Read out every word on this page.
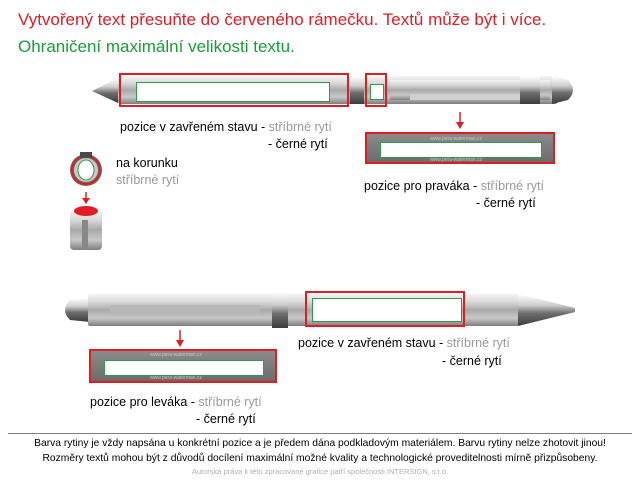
Vytvořený text přesuňte do červeného rámečku. Textů může být i více.
Ohraničení maximální velikosti textu.
www.pera-waterman.cz
www.pera-waterman.cz
www.pera-waterman.cz
www.pera-waterman.cz
pozice v zavřeném stavu - stříbrné rytí
- černé rytí
pozice pro praváka - stříbrné rytí
- černé rytí
na korunku
stříbrné rytí
pozice v zavřeném stavu - stříbrné rytí
- černé rytí
pozice pro leváka - stříbrné rytí
- černé rytí
Barva rytiny je vždy napsána u konkrétní pozice a je předem dána podkladovým materiálem. Barvu rytiny nelze zhotovit jinou!
Rozměry textů mohou být z důvodů docílení maximální možné kvality a technologické proveditelnosti mírně přizpůsobeny.
Autorská práva k této zpracované grafice patří společnosti INTERSIGN, s.r.o.
